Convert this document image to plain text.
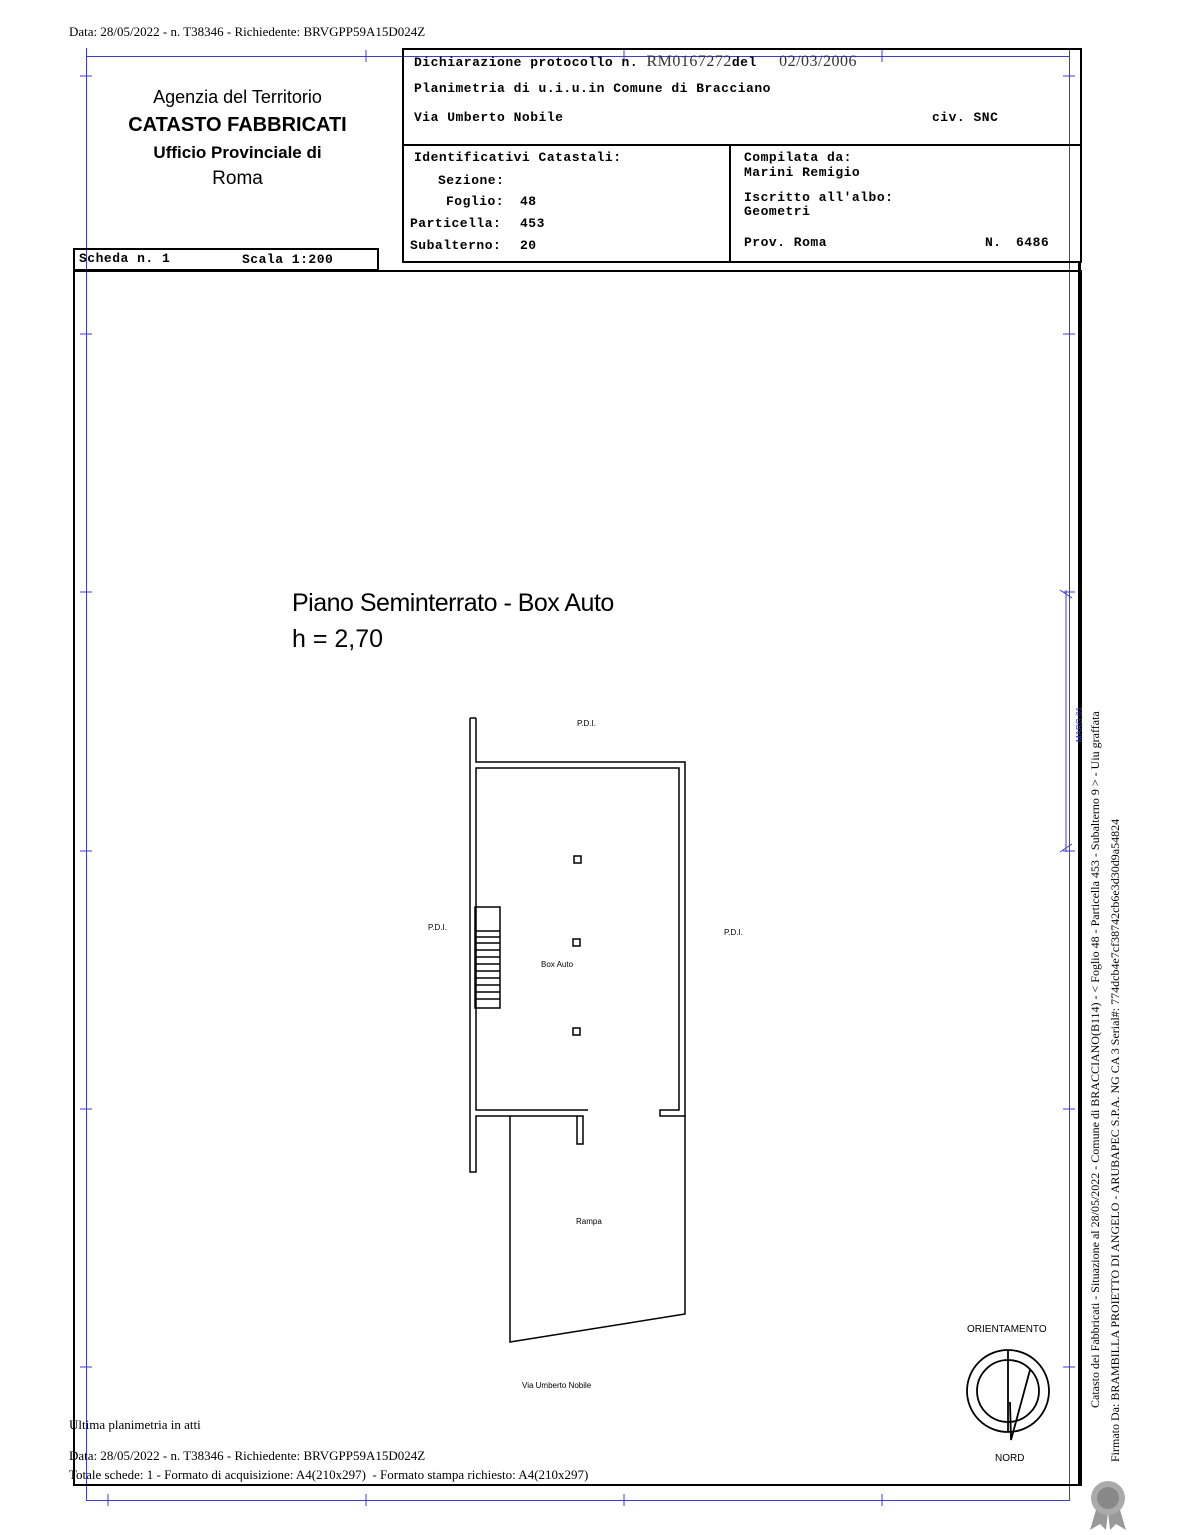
Data: 28/05/2022 - n. T38346 - Richiedente: BRVGPP59A15D024Z
Agenzia del Territorio
CATASTO FABBRICATI
Ufficio Provinciale di
Roma
Dichiarazione protocollo n. RM0167272del 02/03/2006
Planimetria di u.i.u.in Comune di Bracciano
Via Umberto Nobile	civ. SNC
Identificativi Catastali:
Sezione:
Foglio: 48
Particella: 453
Subalterno: 20
Compilata da:
Marini Remigio
Iscritto all'albo:
Geometri
Prov. Roma	N. 6486
Scheda n. 1	Scala 1:200
Piano Seminterrato - Box Auto
h = 2,70
P.D.I.
P.D.I.
P.D.I.
Box Auto
Rampa
Via Umberto Nobile
ORIENTAMENTO
NORD
Catasto dei Fabbricati - Situazione al 28/05/2022 - Comune di BRACCIANO(B114) - < Foglio 48 - Particella 453 - Subalterno 9 > - Uiu graffata Firmato Da: BRAMBILLA PROIETTO DI ANGELO - ARUBAPEC S.P.A. NG CA 3 Serial#: 774dcb4e7cf38742cb6e3d30d9a54824
MARG.01
Ultima planimetria in atti
Data: 28/05/2022 - n. T38346 - Richiedente: BRVGPP59A15D024Z
Totale schede: 1 - Formato di acquisizione: A4(210x297)  - Formato stampa richiesto: A4(210x297)
